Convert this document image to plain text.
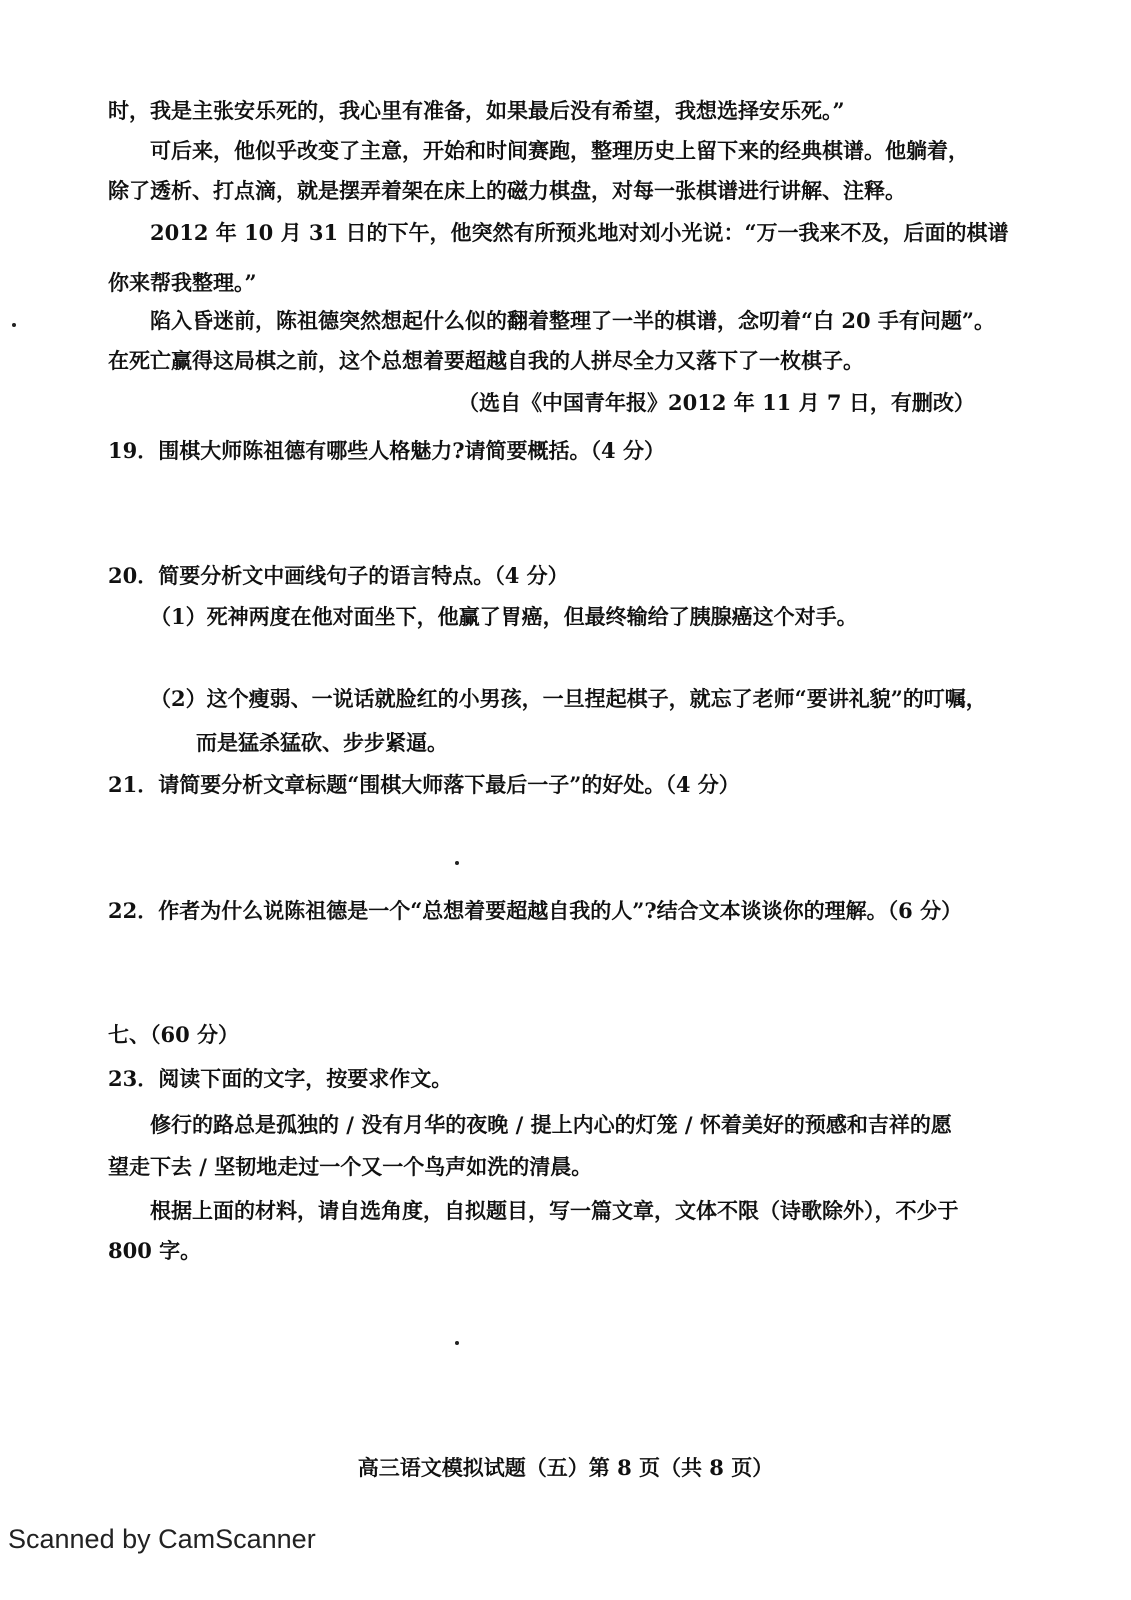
时，我是主张安乐死的，我心里有准备，如果最后没有希望，我想选择安乐死。”
可后来，他似乎改变了主意，开始和时间赛跑，整理历史上留下来的经典棋谱。他躺着，
除了透析、打点滴，就是摆弄着架在床上的磁力棋盘，对每一张棋谱进行讲解、注释。
2012 年 10 月 31 日的下午，他突然有所预兆地对刘小光说：“万一我来不及，后面的棋谱
你来帮我整理。”
陷入昏迷前，陈祖德突然想起什么似的翻着整理了一半的棋谱，念叨着“白 20 手有问题”。
在死亡赢得这局棋之前，这个总想着要超越自我的人拼尽全力又落下了一枚棋子。
（选自《中国青年报》2012 年 11 月 7 日，有删改）
19．围棋大师陈祖德有哪些人格魅力?请简要概括。（4 分）
20．简要分析文中画线句子的语言特点。（4 分）
（1）死神两度在他对面坐下，他赢了胃癌，但最终输给了胰腺癌这个对手。
（2）这个瘦弱、一说话就脸红的小男孩，一旦捏起棋子，就忘了老师“要讲礼貌”的叮嘱，
而是猛杀猛砍、步步紧逼。
21．请简要分析文章标题“围棋大师落下最后一子”的好处。（4 分）
22．作者为什么说陈祖德是一个“总想着要超越自我的人”?结合文本谈谈你的理解。（6 分）
七、（60 分）
23．阅读下面的文字，按要求作文。
修行的路总是孤独的 / 没有月华的夜晚 / 提上内心的灯笼 / 怀着美好的预感和吉祥的愿
望走下去 / 坚韧地走过一个又一个鸟声如洗的清晨。
根据上面的材料，请自选角度，自拟题目，写一篇文章，文体不限（诗歌除外），不少于
800 字。
高三语文模拟试题（五）第 8 页（共 8 页）
Scanned by CamScanner
